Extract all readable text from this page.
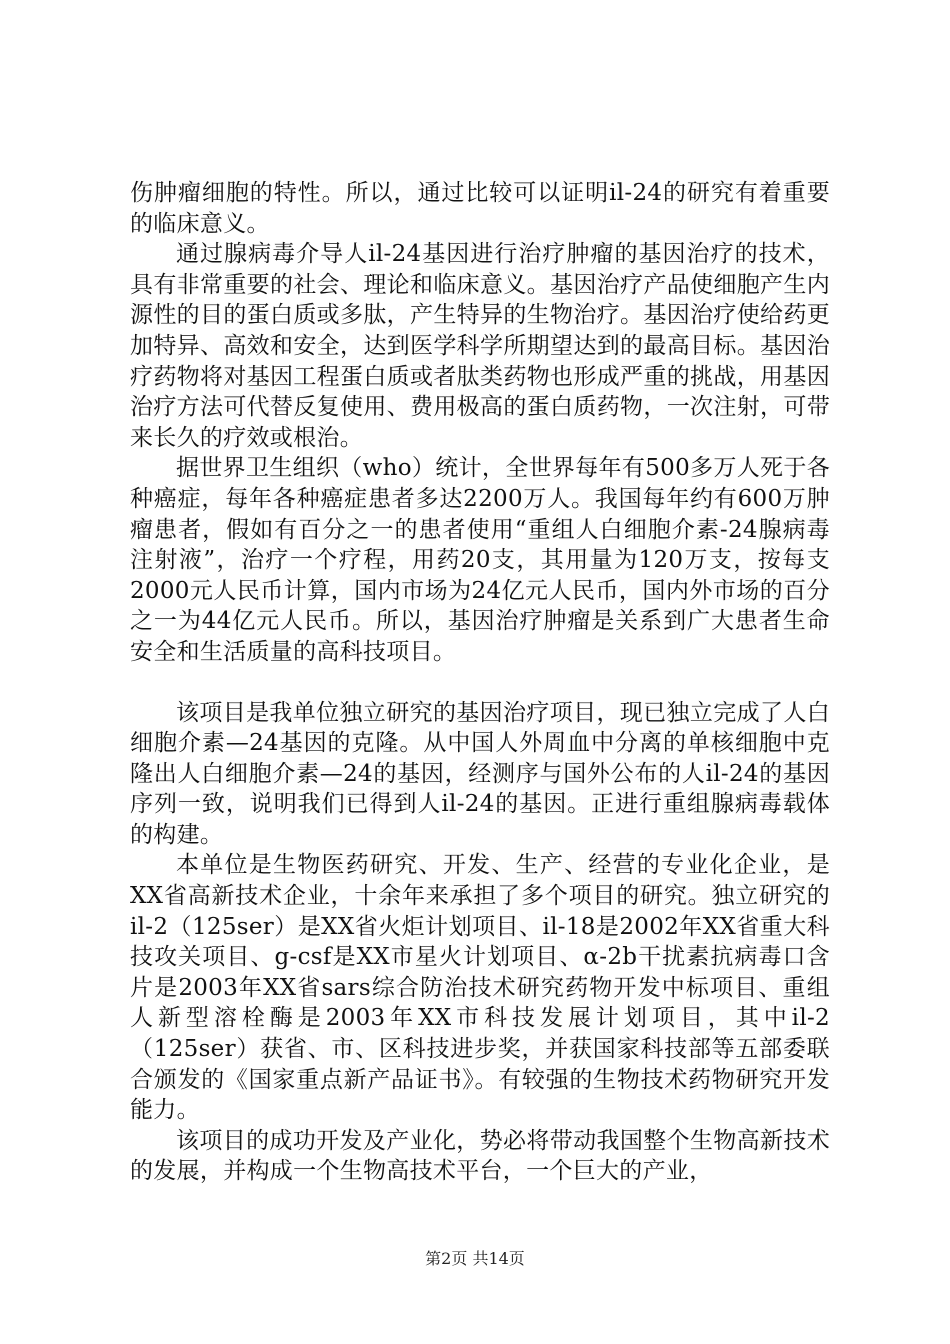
伤肿瘤细胞的特性。所以，通过比较可以证明il-24的研究有着重要的临床意义。

通过腺病毒介导人il-24基因进行治疗肿瘤的基因治疗的技术，具有非常重要的社会、理论和临床意义。基因治疗产品使细胞产生内源性的目的蛋白质或多肽，产生特异的生物治疗。基因治疗使给药更加特异、高效和安全，达到医学科学所期望达到的最高目标。基因治疗药物将对基因工程蛋白质或者肽类药物也形成严重的挑战，用基因治疗方法可代替反复使用、费用极高的蛋白质药物，一次注射，可带来长久的疗效或根治。

据世界卫生组织（who）统计，全世界每年有500多万人死于各种癌症，每年各种癌症患者多达2200万人。我国每年约有600万肿瘤患者，假如有百分之一的患者使用“重组人白细胞介素-24腺病毒注射液”，治疗一个疗程，用药20支，其用量为120万支，按每支2000元人民币计算，国内市场为24亿元人民币，国内外市场的百分之一为44亿元人民币。所以，基因治疗肿瘤是关系到广大患者生命安全和生活质量的高科技项目。

该项目是我单位独立研究的基因治疗项目，现已独立完成了人白细胞介素—24基因的克隆。从中国人外周血中分离的单核细胞中克隆出人白细胞介素—24的基因，经测序与国外公布的人il-24的基因序列一致，说明我们已得到人il-24的基因。正进行重组腺病毒载体的构建。

本单位是生物医药研究、开发、生产、经营的专业化企业，是XX省高新技术企业，十余年来承担了多个项目的研究。独立研究的il-2（125ser）是XX省火炬计划项目、il-18是2002年XX省重大科技攻关项目、g-csf是XX市星火计划项目、α-2b干扰素抗病毒口含片是2003年XX省sars综合防治技术研究药物开发中标项目、重组人新型溶栓酶是2003年XX市科技发展计划项目，其中il-2（125ser）获省、市、区科技进步奖，并获国家科技部等五部委联合颁发的《国家重点新产品证书》。有较强的生物技术药物研究开发能力。

该项目的成功开发及产业化，势必将带动我国整个生物高新技术的发展，并构成一个生物高技术平台，一个巨大的产业，

第2页 共14页
